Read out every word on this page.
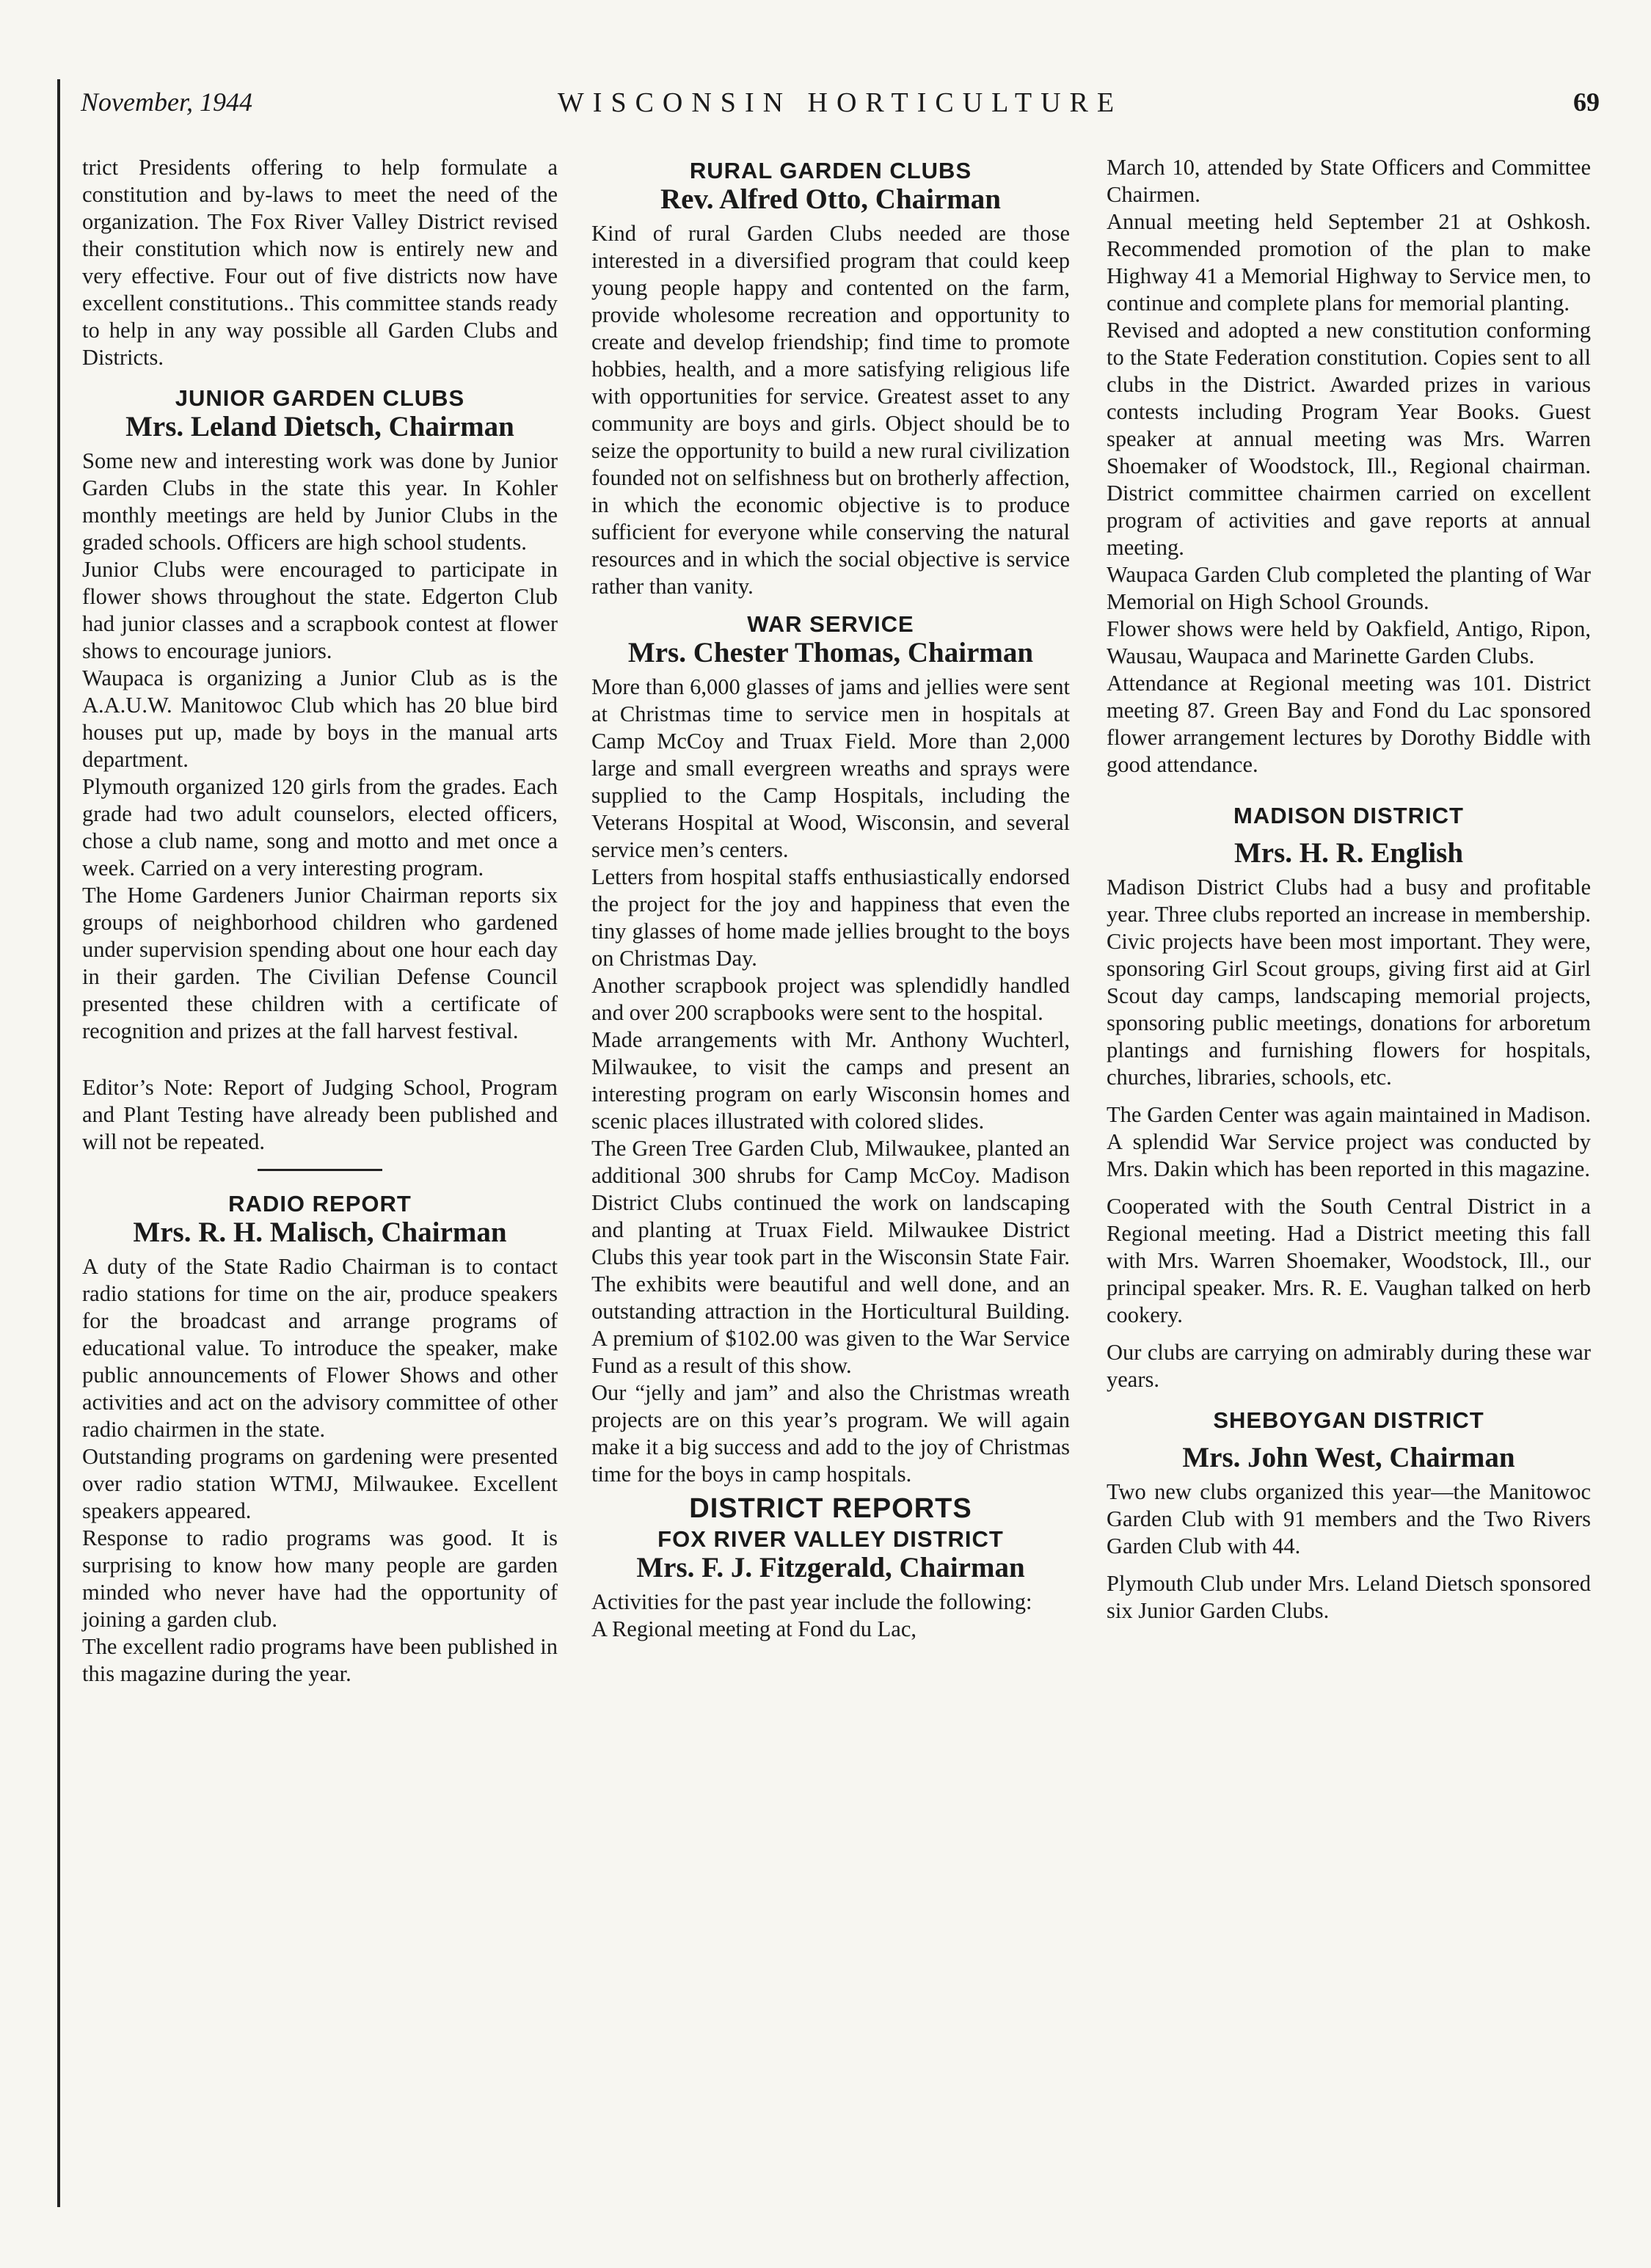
November, 1944	WISCONSIN HORTICULTURE	69

trict Presidents offering to help formulate a constitution and by-laws to meet the need of the organization. The Fox River Valley District revised their constitution which now is entirely new and very effective. Four out of five districts now have excellent constitutions.. This committee stands ready to help in any way possible all Garden Clubs and Districts.

JUNIOR GARDEN CLUBS
Mrs. Leland Dietsch, Chairman

Some new and interesting work was done by Junior Garden Clubs in the state this year. In Kohler monthly meetings are held by Junior Clubs in the graded schools. Officers are high school students.

Junior Clubs were encouraged to participate in flower shows throughout the state. Edgerton Club had junior classes and a scrapbook contest at flower shows to encourage juniors.

Waupaca is organizing a Junior Club as is the A.A.U.W. Manitowoc Club which has 20 blue bird houses put up, made by boys in the manual arts department.

Plymouth organized 120 girls from the grades. Each grade had two adult counselors, elected officers, chose a club name, song and motto and met once a week. Carried on a very interesting program.

The Home Gardeners Junior Chairman reports six groups of neighborhood children who gardened under supervision spending about one hour each day in their garden. The Civilian Defense Council presented these children with a certificate of recognition and prizes at the fall harvest festival.

Editor’s Note: Report of Judging School, Program and Plant Testing have already been published and will not be repeated.

RADIO REPORT
Mrs. R. H. Malisch, Chairman

A duty of the State Radio Chairman is to contact radio stations for time on the air, produce speakers for the broadcast and arrange programs of educational value. To introduce the speaker, make public announcements of Flower Shows and other activities and act on the advisory committee of other radio chairmen in the state.

Outstanding programs on gardening were presented over radio station WTMJ, Milwaukee. Excellent speakers appeared.

Response to radio programs was good. It is surprising to know how many people are garden minded who never have had the opportunity of joining a garden club.

The excellent radio programs have been published in this magazine during the year.

RURAL GARDEN CLUBS
Rev. Alfred Otto, Chairman

Kind of rural Garden Clubs needed are those interested in a diversified program that could keep young people happy and contented on the farm, provide wholesome recreation and opportunity to create and develop friendship; find time to promote hobbies, health, and a more satisfying religious life with opportunities for service. Greatest asset to any community are boys and girls. Object should be to seize the opportunity to build a new rural civilization founded not on selfishness but on brotherly affection, in which the economic objective is to produce sufficient for everyone while conserving the natural resources and in which the social objective is service rather than vanity.

WAR SERVICE
Mrs. Chester Thomas, Chairman

More than 6,000 glasses of jams and jellies were sent at Christmas time to service men in hospitals at Camp McCoy and Truax Field. More than 2,000 large and small evergreen wreaths and sprays were supplied to the Camp Hospitals, including the Veterans Hospital at Wood, Wisconsin, and several service men’s centers.

Letters from hospital staffs enthusiastically endorsed the project for the joy and happiness that even the tiny glasses of home made jellies brought to the boys on Christmas Day.

Another scrapbook project was splendidly handled and over 200 scrapbooks were sent to the hospital.

Made arrangements with Mr. Anthony Wuchterl, Milwaukee, to visit the camps and present an interesting program on early Wisconsin homes and scenic places illustrated with colored slides.

The Green Tree Garden Club, Milwaukee, planted an additional 300 shrubs for Camp McCoy. Madison District Clubs continued the work on landscaping and planting at Truax Field. Milwaukee District Clubs this year took part in the Wisconsin State Fair. The exhibits were beautiful and well done, and an outstanding attraction in the Horticultural Building. A premium of $102.00 was given to the War Service Fund as a result of this show.

Our “jelly and jam” and also the Christmas wreath projects are on this year’s program. We will again make it a big success and add to the joy of Christmas time for the boys in camp hospitals.

DISTRICT REPORTS
FOX RIVER VALLEY DISTRICT
Mrs. F. J. Fitzgerald, Chairman

Activities for the past year include the following:

A Regional meeting at Fond du Lac,

March 10, attended by State Officers and Committee Chairmen.

Annual meeting held September 21 at Oshkosh. Recommended promotion of the plan to make Highway 41 a Memorial Highway to Service men, to continue and complete plans for memorial planting.

Revised and adopted a new constitution conforming to the State Federation constitution. Copies sent to all clubs in the District. Awarded prizes in various contests including Program Year Books. Guest speaker at annual meeting was Mrs. Warren Shoemaker of Woodstock, Ill., Regional chairman. District committee chairmen carried on excellent program of activities and gave reports at annual meeting.

Waupaca Garden Club completed the planting of War Memorial on High School Grounds.

Flower shows were held by Oakfield, Antigo, Ripon, Wausau, Waupaca and Marinette Garden Clubs.

Attendance at Regional meeting was 101. District meeting 87. Green Bay and Fond du Lac sponsored flower arrangement lectures by Dorothy Biddle with good attendance.

MADISON DISTRICT
Mrs. H. R. English

Madison District Clubs had a busy and profitable year. Three clubs reported an increase in membership. Civic projects have been most important. They were, sponsoring Girl Scout groups, giving first aid at Girl Scout day camps, landscaping memorial projects, sponsoring public meetings, donations for arboretum plantings and furnishing flowers for hospitals, churches, libraries, schools, etc.

The Garden Center was again maintained in Madison. A splendid War Service project was conducted by Mrs. Dakin which has been reported in this magazine.

Cooperated with the South Central District in a Regional meeting. Had a District meeting this fall with Mrs. Warren Shoemaker, Woodstock, Ill., our principal speaker. Mrs. R. E. Vaughan talked on herb cookery.

Our clubs are carrying on admirably during these war years.

SHEBOYGAN DISTRICT
Mrs. John West, Chairman

Two new clubs organized this year—the Manitowoc Garden Club with 91 members and the Two Rivers Garden Club with 44.

Plymouth Club under Mrs. Leland Dietsch sponsored six Junior Garden Clubs.
